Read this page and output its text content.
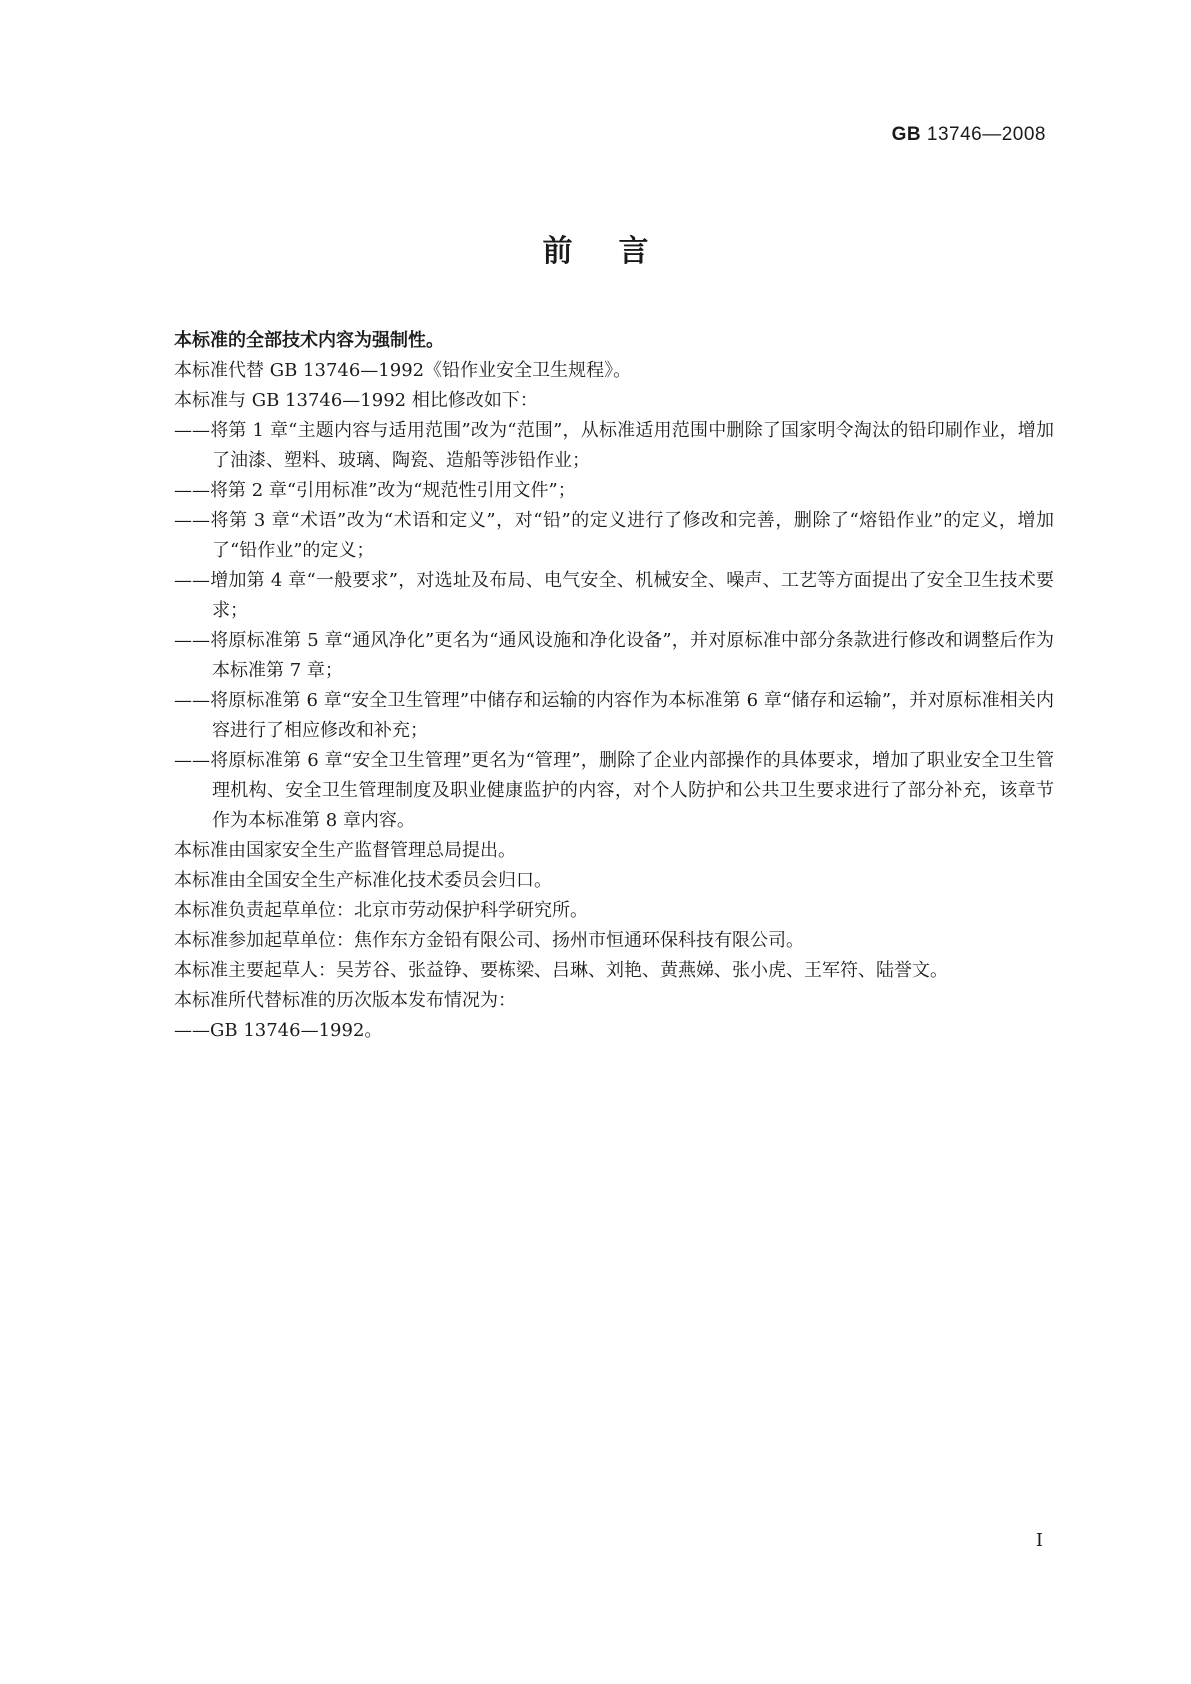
GB 13746—2008
前言

本标准的全部技术内容为强制性。

本标准代替 GB 13746—1992《铅作业安全卫生规程》。

本标准与 GB 13746—1992 相比修改如下：

——将第 1 章“主题内容与适用范围”改为“范围”，从标准适用范围中删除了国家明令淘汰的铅印刷作业，增加了油漆、塑料、玻璃、陶瓷、造船等涉铅作业；

——将第 2 章“引用标准”改为“规范性引用文件”；

——将第 3 章“术语”改为“术语和定义”，对“铅”的定义进行了修改和完善，删除了“熔铅作业”的定义，增加了“铅作业”的定义；

——增加第 4 章“一般要求”，对选址及布局、电气安全、机械安全、噪声、工艺等方面提出了安全卫生技术要求；

——将原标准第 5 章“通风净化”更名为“通风设施和净化设备”，并对原标准中部分条款进行修改和调整后作为本标准第 7 章；

——将原标准第 6 章“安全卫生管理”中储存和运输的内容作为本标准第 6 章“储存和运输”，并对原标准相关内容进行了相应修改和补充；

——将原标准第 6 章“安全卫生管理”更名为“管理”，删除了企业内部操作的具体要求，增加了职业安全卫生管理机构、安全卫生管理制度及职业健康监护的内容，对个人防护和公共卫生要求进行了部分补充，该章节作为本标准第 8 章内容。

本标准由国家安全生产监督管理总局提出。

本标准由全国安全生产标准化技术委员会归口。

本标准负责起草单位：北京市劳动保护科学研究所。

本标准参加起草单位：焦作东方金铅有限公司、扬州市恒通环保科技有限公司。

本标准主要起草人：吴芳谷、张益铮、要栋梁、吕琳、刘艳、黄燕娣、张小虎、王军符、陆誉文。

本标准所代替标准的历次版本发布情况为：

——GB 13746—1992。

I
